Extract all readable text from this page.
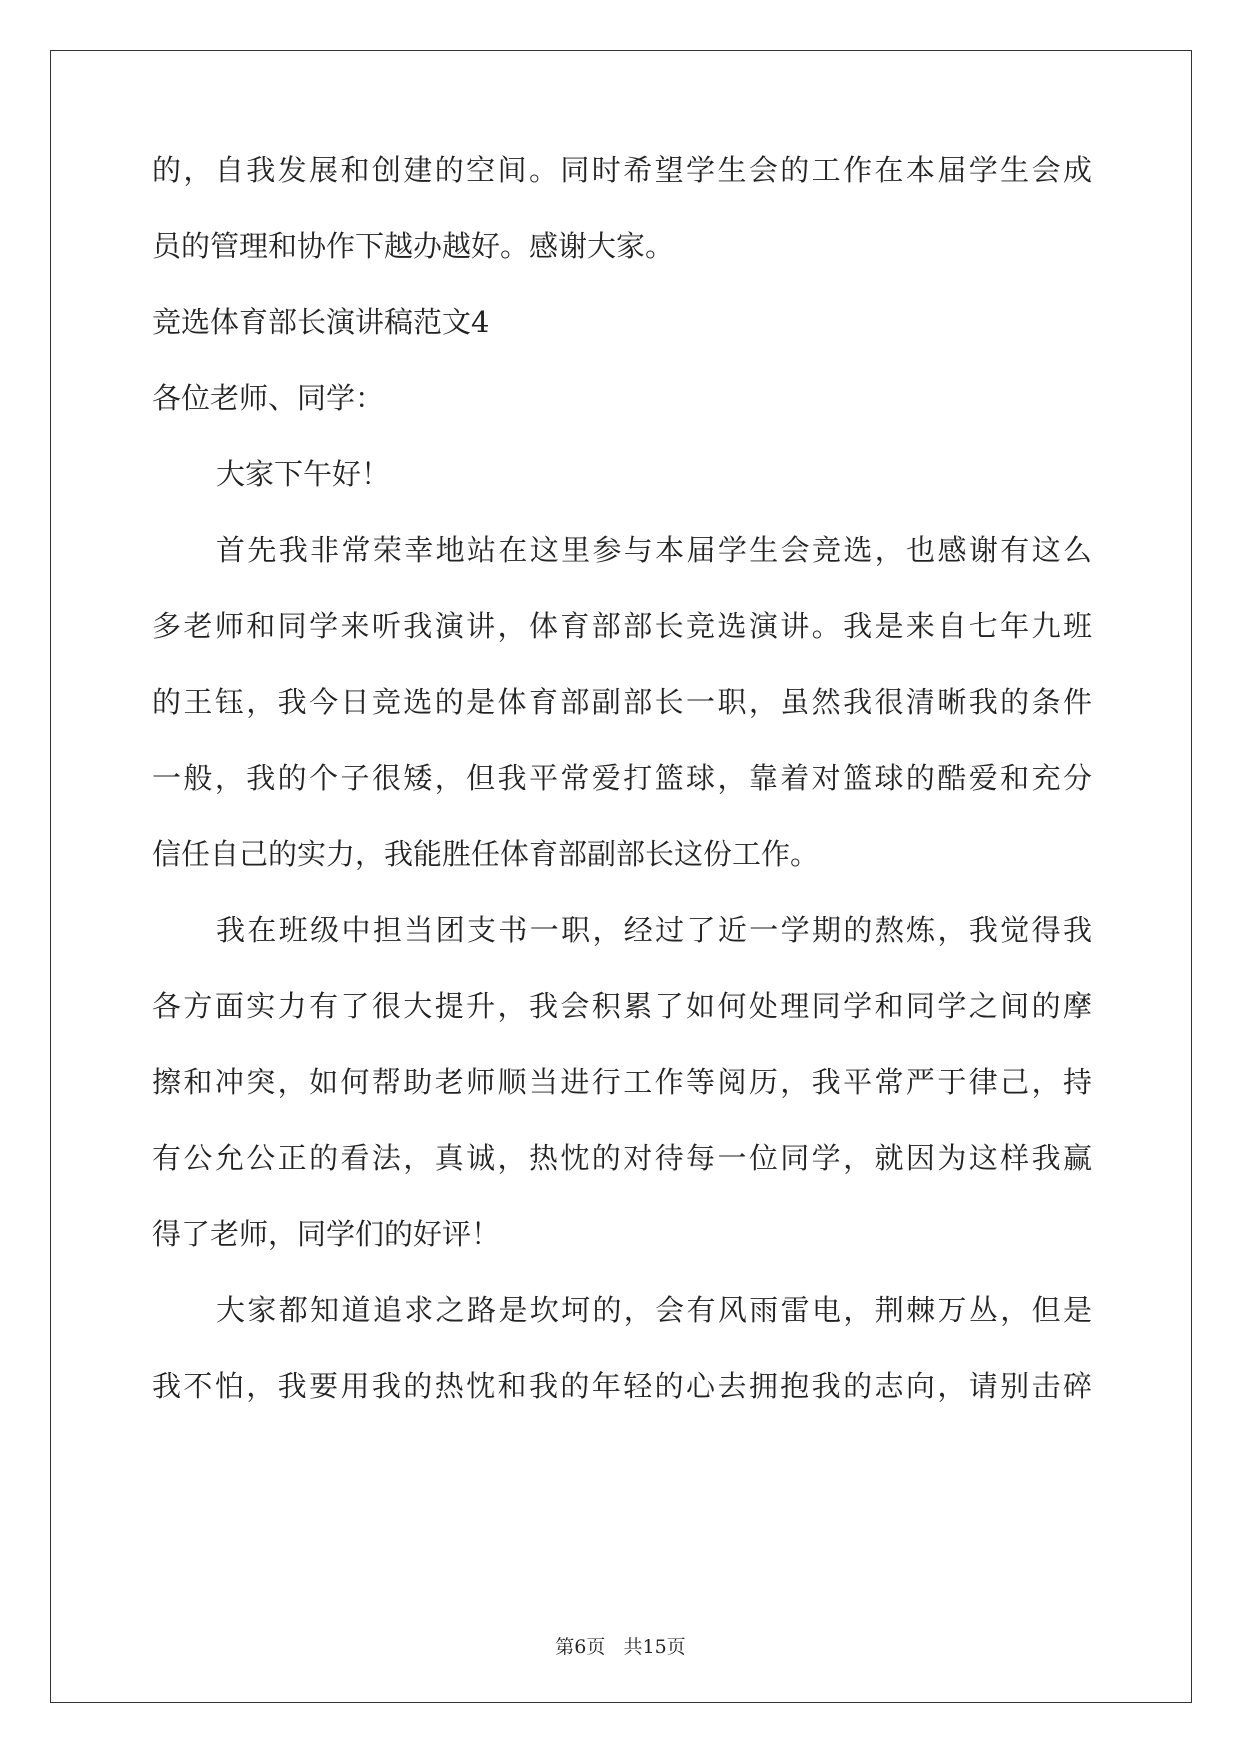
的，自我发展和创建的空间。同时希望学生会的工作在本届学生会成

员的管理和协作下越办越好。感谢大家。

竞选体育部长演讲稿范文4

各位老师、同学：

大家下午好！

首先我非常荣幸地站在这里参与本届学生会竞选，也感谢有这么

多老师和同学来听我演讲，体育部部长竞选演讲。我是来自七年九班

的王钰，我今日竞选的是体育部副部长一职，虽然我很清晰我的条件

一般，我的个子很矮，但我平常爱打篮球，靠着对篮球的酷爱和充分

信任自己的实力，我能胜任体育部副部长这份工作。

我在班级中担当团支书一职，经过了近一学期的熬炼，我觉得我

各方面实力有了很大提升，我会积累了如何处理同学和同学之间的摩

擦和冲突，如何帮助老师顺当进行工作等阅历，我平常严于律己，持

有公允公正的看法，真诚，热忱的对待每一位同学，就因为这样我赢

得了老师，同学们的好评！

大家都知道追求之路是坎坷的，会有风雨雷电，荆棘万丛，但是

我不怕，我要用我的热忱和我的年轻的心去拥抱我的志向，请别击碎

第6页   共15页
